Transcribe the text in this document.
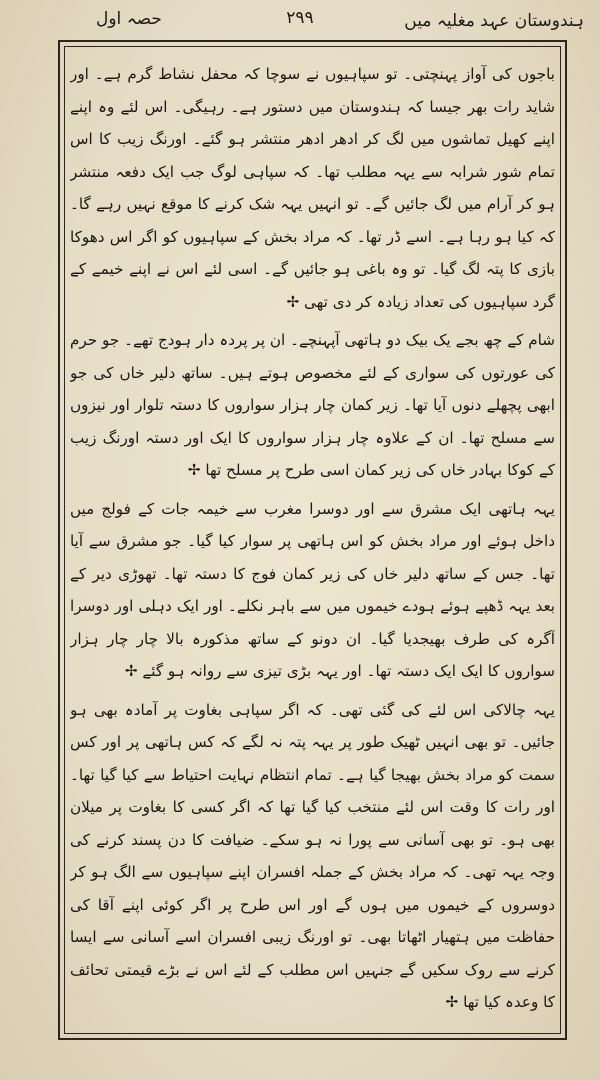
ہندوستان عہد مغلیہ میں
۲۹۹
حصہ اول

باجوں کی آواز پہنچتی۔ تو سپاہیوں نے سوچا کہ محفل نشاط گرم ہے۔ اور شاید رات بھر جیسا کہ ہندوستان میں دستور ہے۔ رہیگی۔ اس لئے وہ اپنے اپنے کھیل تماشوں میں لگ کر ادھر ادھر منتشر ہو گئے۔ اورنگ زیب کا اس تمام شور شرابہ سے یہہ مطلب تھا۔ کہ سپاہی لوگ جب ایک دفعہ منتشر ہو کر آرام میں لگ جائیں گے۔ تو انہیں یہہ شک کرنے کا موقع نہیں رہے گا۔ کہ کیا ہو رہا ہے۔ اسے ڈر تھا۔ کہ مراد بخش کے سپاہیوں کو اگر اس دھوکا بازی کا پتہ لگ گیا۔ تو وہ باغی ہو جائیں گے۔ اسی لئے اس نے اپنے خیمے کے گرد سپاہیوں کی تعداد زیادہ کر دی تھی ✢

شام کے چھ بجے یک بیک دو ہاتھی آپہنچے۔ ان پر پردہ دار ہودج تھے۔ جو حرم کی عورتوں کی سواری کے لئے مخصوص ہوتے ہیں۔ ساتھ دلیر خاں کی جو ابھی پچھلے دنوں آیا تھا۔ زیر کمان چار ہزار سواروں کا دستہ تلوار اور نیزوں سے مسلح تھا۔ ان کے علاوہ چار ہزار سواروں کا ایک اور دستہ اورنگ زیب کے کوکا بہادر خاں کی زیر کمان اسی طرح پر مسلح تھا ✢

یہہ ہاتھی ایک مشرق سے اور دوسرا مغرب سے خیمہ جات کے فولج میں داخل ہوئے اور مراد بخش کو اس ہاتھی پر سوار کیا گیا۔ جو مشرق سے آیا تھا۔ جس کے ساتھ دلیر خاں کی زیر کمان فوج کا دستہ تھا۔ تھوڑی دیر کے بعد یہہ ڈھپے ہوئے ہودے خیموں میں سے باہر نکلے۔ اور ایک دہلی اور دوسرا آگرہ کی طرف بھیجدیا گیا۔ ان دونو کے ساتھ مذکورہ بالا چار چار ہزار سواروں کا ایک ایک دستہ تھا۔ اور یہہ بڑی تیزی سے روانہ ہو گئے ✢

یہہ چالاکی اس لئے کی گئی تھی۔ کہ اگر سپاہی بغاوت پر آمادہ بھی ہو جائیں۔ تو بھی انہیں ٹھیک طور پر یہہ پتہ نہ لگے کہ کس ہاتھی پر اور کس سمت کو مراد بخش بھیجا گیا ہے۔ تمام انتظام نہایت احتیاط سے کیا گیا تھا۔ اور رات کا وقت اس لئے منتخب کیا گیا تھا کہ اگر کسی کا بغاوت پر میلان بھی ہو۔ تو بھی آسانی سے پورا نہ ہو سکے۔ ضیافت کا دن پسند کرنے کی وجہ یہہ تھی۔ کہ مراد بخش کے جملہ افسران اپنے سپاہیوں سے الگ ہو کر دوسروں کے خیموں میں ہوں گے اور اس طرح پر اگر کوئی اپنے آقا کی حفاظت میں ہتھیار اٹھاتا بھی۔ تو اورنگ زیبی افسران اسے آسانی سے ایسا کرنے سے روک سکیں گے جنہیں اس مطلب کے لئے اس نے بڑے قیمتی تحائف کا وعدہ کیا تھا ✢
